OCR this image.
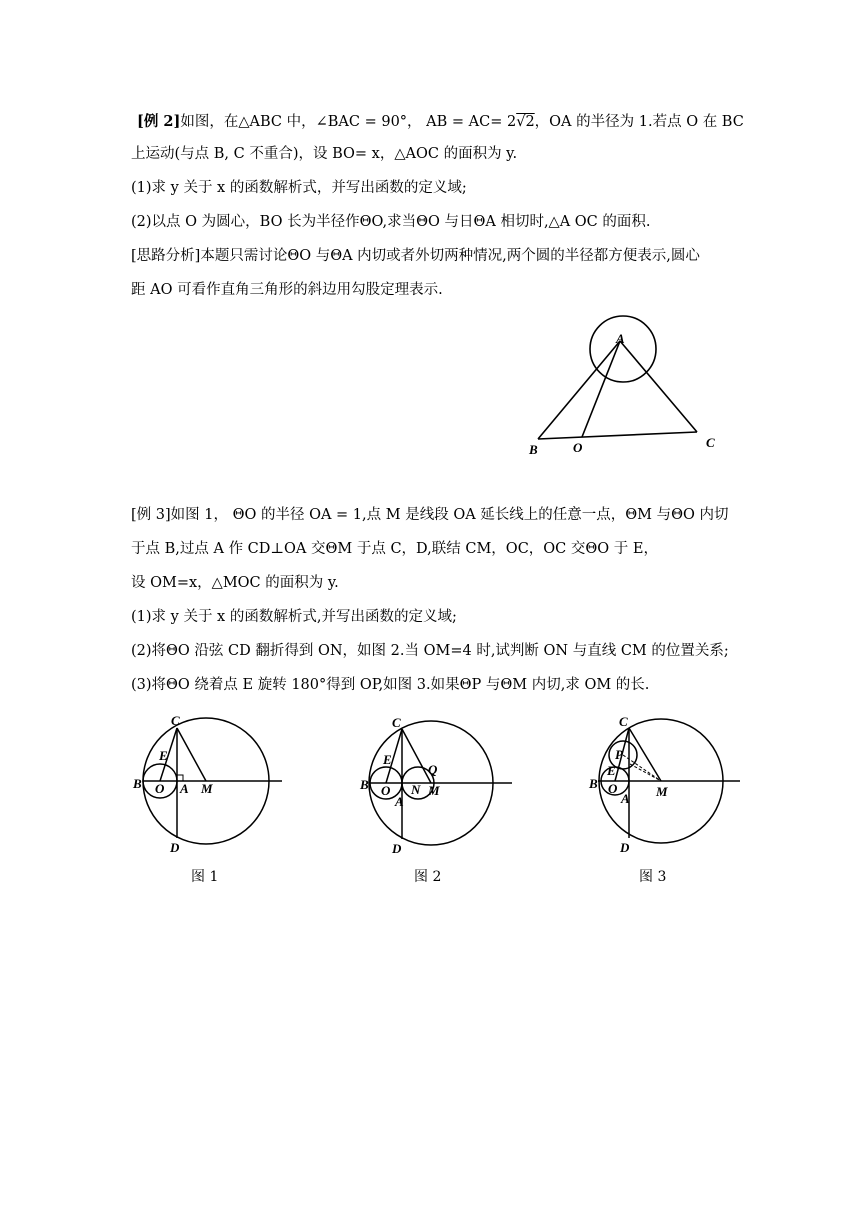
[例 2]如图，在△ABC 中，∠BAC = 90°， AB = AC= 2√2，OA 的半径为 1.若点 O 在 BC
上运动(与点 B, C 不重合)，设 BO= x，△AOC 的面积为 y.
(1)求 y 关于 x 的函数解析式，并写出函数的定义域;
(2)以点 O 为圆心，BO 长为半径作ΘO,求当ΘO 与日ΘA 相切时,△A OC 的面积.
[思路分析]本题只需讨论ΘO 与ΘA 内切或者外切两种情况,两个圆的半径都方便表示,圆心
距 AO 可看作直角三角形的斜边用勾股定理表示.
A
B	O	C
[例 3]如图 1， ΘO 的半径 OA = 1,点 M 是线段 OA 延长线上的任意一点，ΘM 与ΘO 内切
于点 B,过点 A 作 CD⊥OA 交ΘM 于点 C，D,联结 CM，OC，OC 交ΘO 于 E，
设 OM=x，△MOC 的面积为 y.
(1)求 y 关于 x 的函数解析式,并写出函数的定义域;
(2)将ΘO 沿弦 CD 翻折得到 ON，如图 2.当 OM=4 时,试判断 ON 与直线 CM 的位置关系;
(3)将ΘO 绕着点 E 旋转 180°得到 OP,如图 3.如果ΘP 与ΘM 内切,求 OM 的长.
C
E
B O A M
D
图 1
C
E
B O
A
N M
Q
D
图 2
C
P
E
B O
A M
D
图 3
